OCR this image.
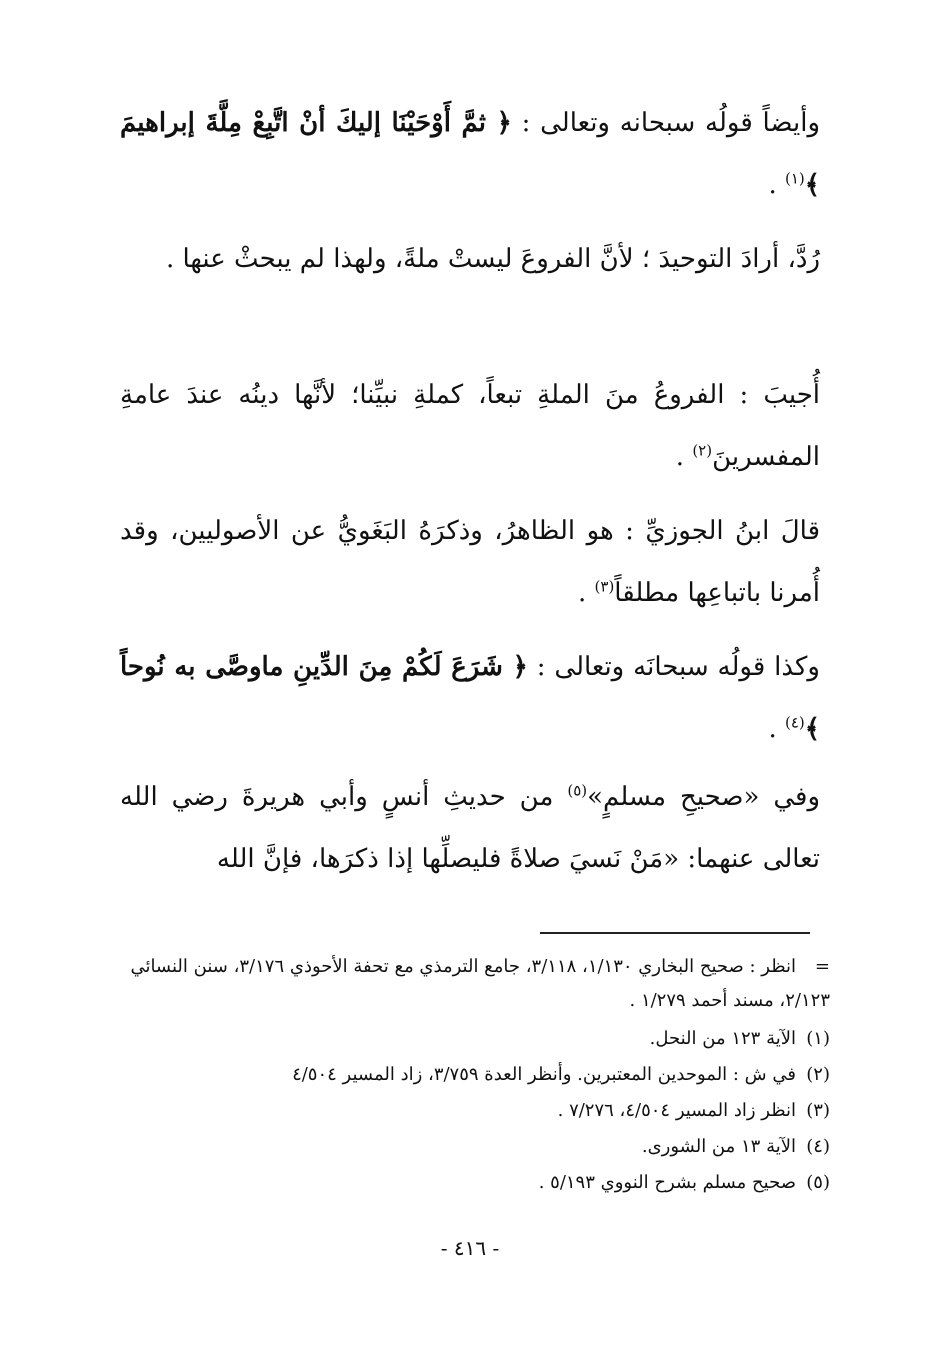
وأيضاً قولُه سبحانه وتعالى : ﴿ ثمَّ أَوْحَيْنَا إليكَ أنْ اتَّبِعْ مِلَّةَ إبراهيمَ ﴾$^{(١)}$ .
رُدَّ، أرادَ التوحيدَ ؛ لأنَّ الفروعَ ليستْ ملةً، ولهذا لم يبحثْ عنها .
أُجيبَ : الفروعُ منَ الملةِ تبعاً، كملةِ نبيِّنا؛ لأنَّها دينُه عندَ عامةِ المفسرينَ$^{(٢)}$ .
قالَ ابنُ الجوزيِّ : هو الظاهرُ، وذكرَهُ البَغَويُّ عن الأصوليين، وقد أُمرنا باتباعِها مطلقاً$^{(٣)}$ .
وكذا قولُه سبحانَه وتعالى : ﴿ شَرَعَ لَكُمْ مِنَ الدِّينِ ماوصَّى به نُوحاً ﴾$^{(٤)}$ .
وفي «صحيحِ مسلمٍ»$^{(٥)}$ من حديثِ أنسٍ وأبي هريرةَ رضي الله تعالى عنهما: «مَنْ نَسيَ صلاةً فليصلِّها إذا ذكرَها، فإنَّ الله
=انظر : صحيح البخاري ١/١٣٠، ٣/١١٨، جامع الترمذي مع تحفة الأحوذي ٣/١٧٦، سنن النسائي ٢/١٢٣، مسند أحمد ١/٢٧٩ .
(١)الآية ١٢٣ من النحل.
(٢)في ش : الموحدين المعتبرين. وأنظر العدة ٣/٧٥٩، زاد المسير ٤/٥٠٤
(٣)انظر زاد المسير ٤/٥٠٤، ٧/٢٧٦ .
(٤)الآية ١٣ من الشورى.
(٥)صحيح مسلم بشرح النووي ٥/١٩٣ .
- ٤١٦ -
